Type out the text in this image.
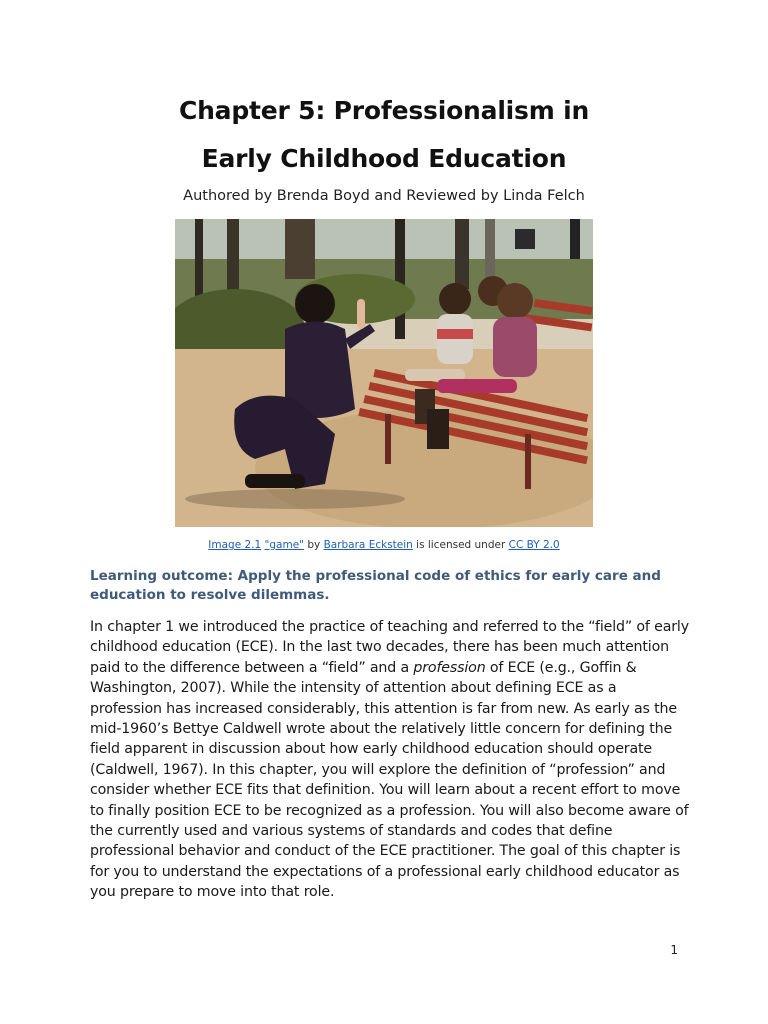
Chapter 5: Professionalism in
Early Childhood Education
Authored by Brenda Boyd and Reviewed by Linda Felch
Image 2.1 "game" by Barbara Eckstein is licensed under CC BY 2.0
Learning outcome: Apply the professional code of ethics for early care and education to resolve dilemmas.
In chapter 1 we introduced the practice of teaching and referred to the “field” of early childhood education (ECE). In the last two decades, there has been much attention paid to the difference between a “field” and a profession of ECE (e.g., Goffin & Washington, 2007). While the intensity of attention about defining ECE as a profession has increased considerably, this attention is far from new. As early as the mid-1960’s Bettye Caldwell wrote about the relatively little concern for defining the field apparent in discussion about how early childhood education should operate (Caldwell, 1967). In this chapter, you will explore the definition of “profession” and consider whether ECE fits that definition. You will learn about a recent effort to move to finally position ECE to be recognized as a profession. You will also become aware of the currently used and various systems of standards and codes that define professional behavior and conduct of the ECE practitioner. The goal of this chapter is for you to understand the expectations of a professional early childhood educator as you prepare to move into that role.
1
